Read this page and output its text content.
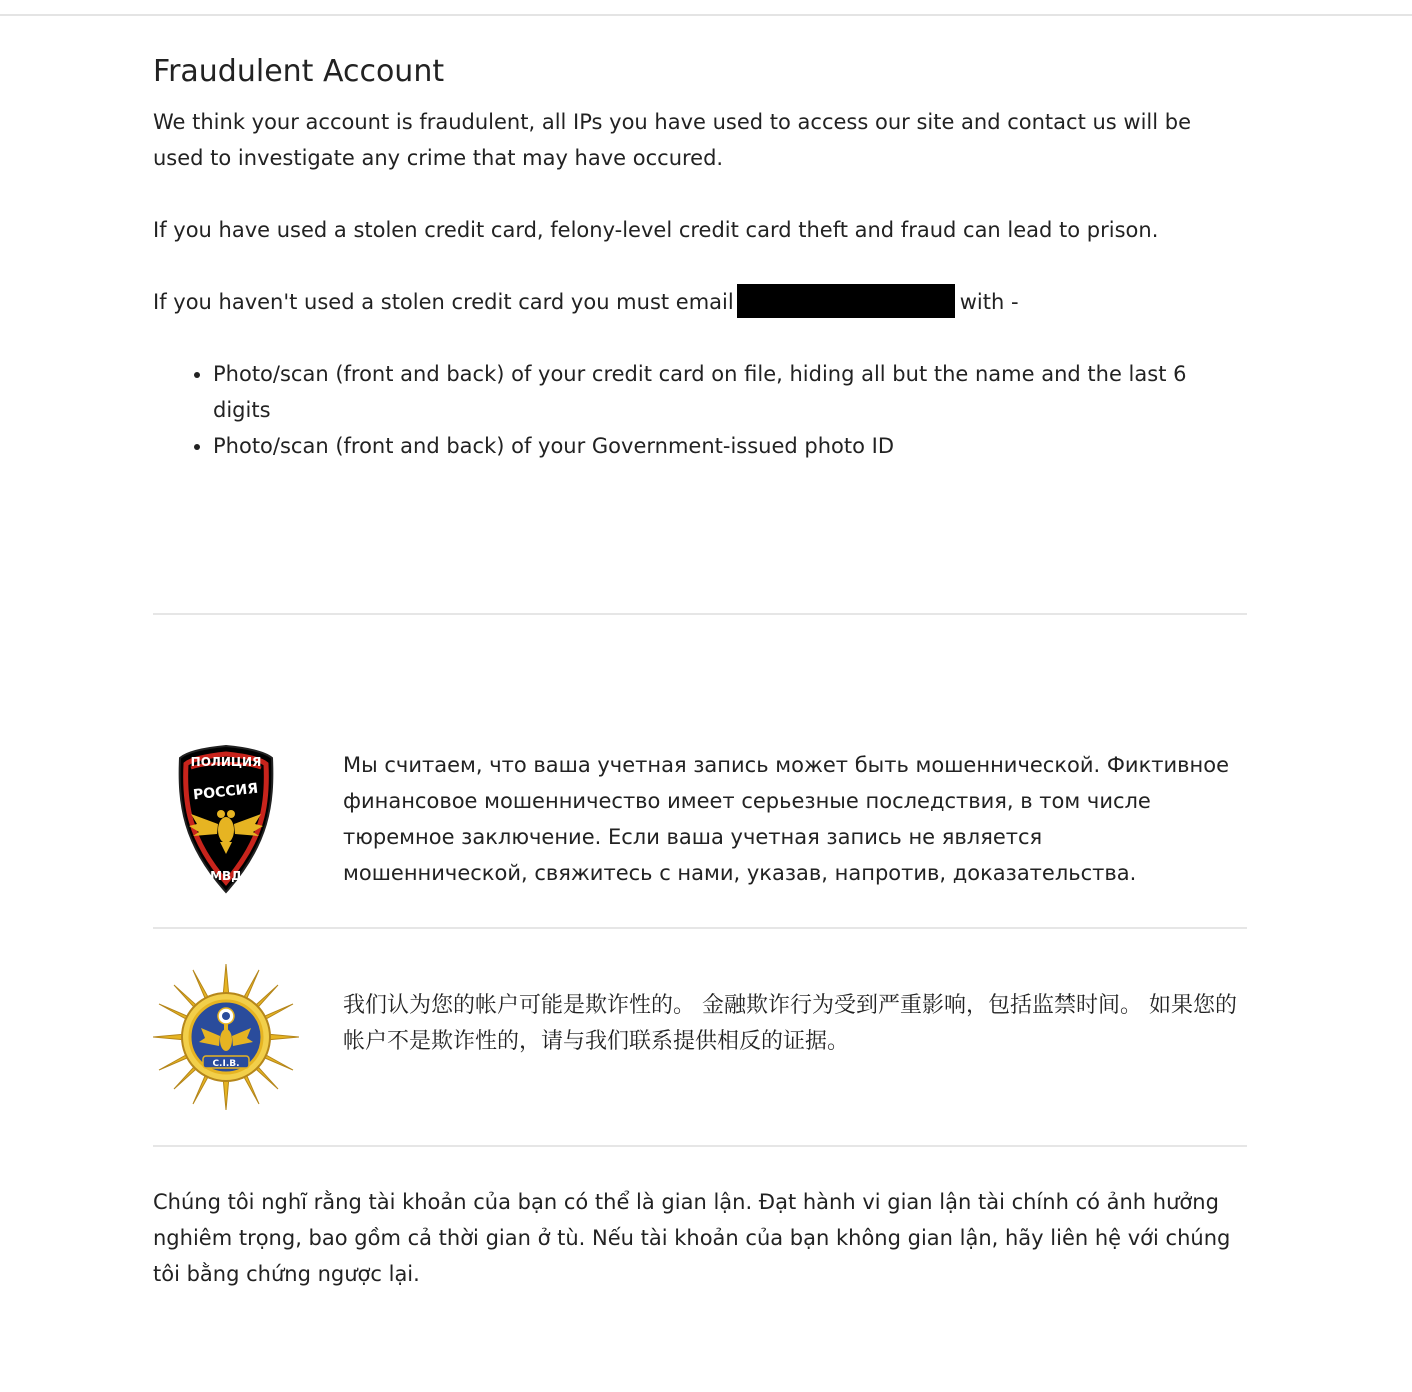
Fraudulent Account

We think your account is fraudulent, all IPs you have used to access our site and contact us will be used to investigate any crime that may have occured.

If you have used a stolen credit card, felony-level credit card theft and fraud can lead to prison.

If you haven't used a stolen credit card you must email	with -

• Photo/scan (front and back) of your credit card on file, hiding all but the name and the last 6 digits
• Photo/scan (front and back) of your Government-issued photo ID
ПОЛИЦИЯ
РОССИЯ
МВД

Мы считаем, что ваша учетная запись может быть мошеннической. Фиктивное финансовое мошенничество имеет серьезные последствия, в том числе тюремное заключение. Если ваша учетная запись не является мошеннической, свяжитесь с нами, указав, напротив, доказательства.

C.I.B.

我们认为您的帐户可能是欺诈性的。 金融欺诈行为受到严重影响，包括监禁时间。 如果您的帐户不是欺诈性的，请与我们联系提供相反的证据。

Chúng tôi nghĩ rằng tài khoản của bạn có thể là gian lận. Đạt hành vi gian lận tài chính có ảnh hưởng nghiêm trọng, bao gồm cả thời gian ở tù. Nếu tài khoản của bạn không gian lận, hãy liên hệ với chúng tôi bằng chứng ngược lại.
